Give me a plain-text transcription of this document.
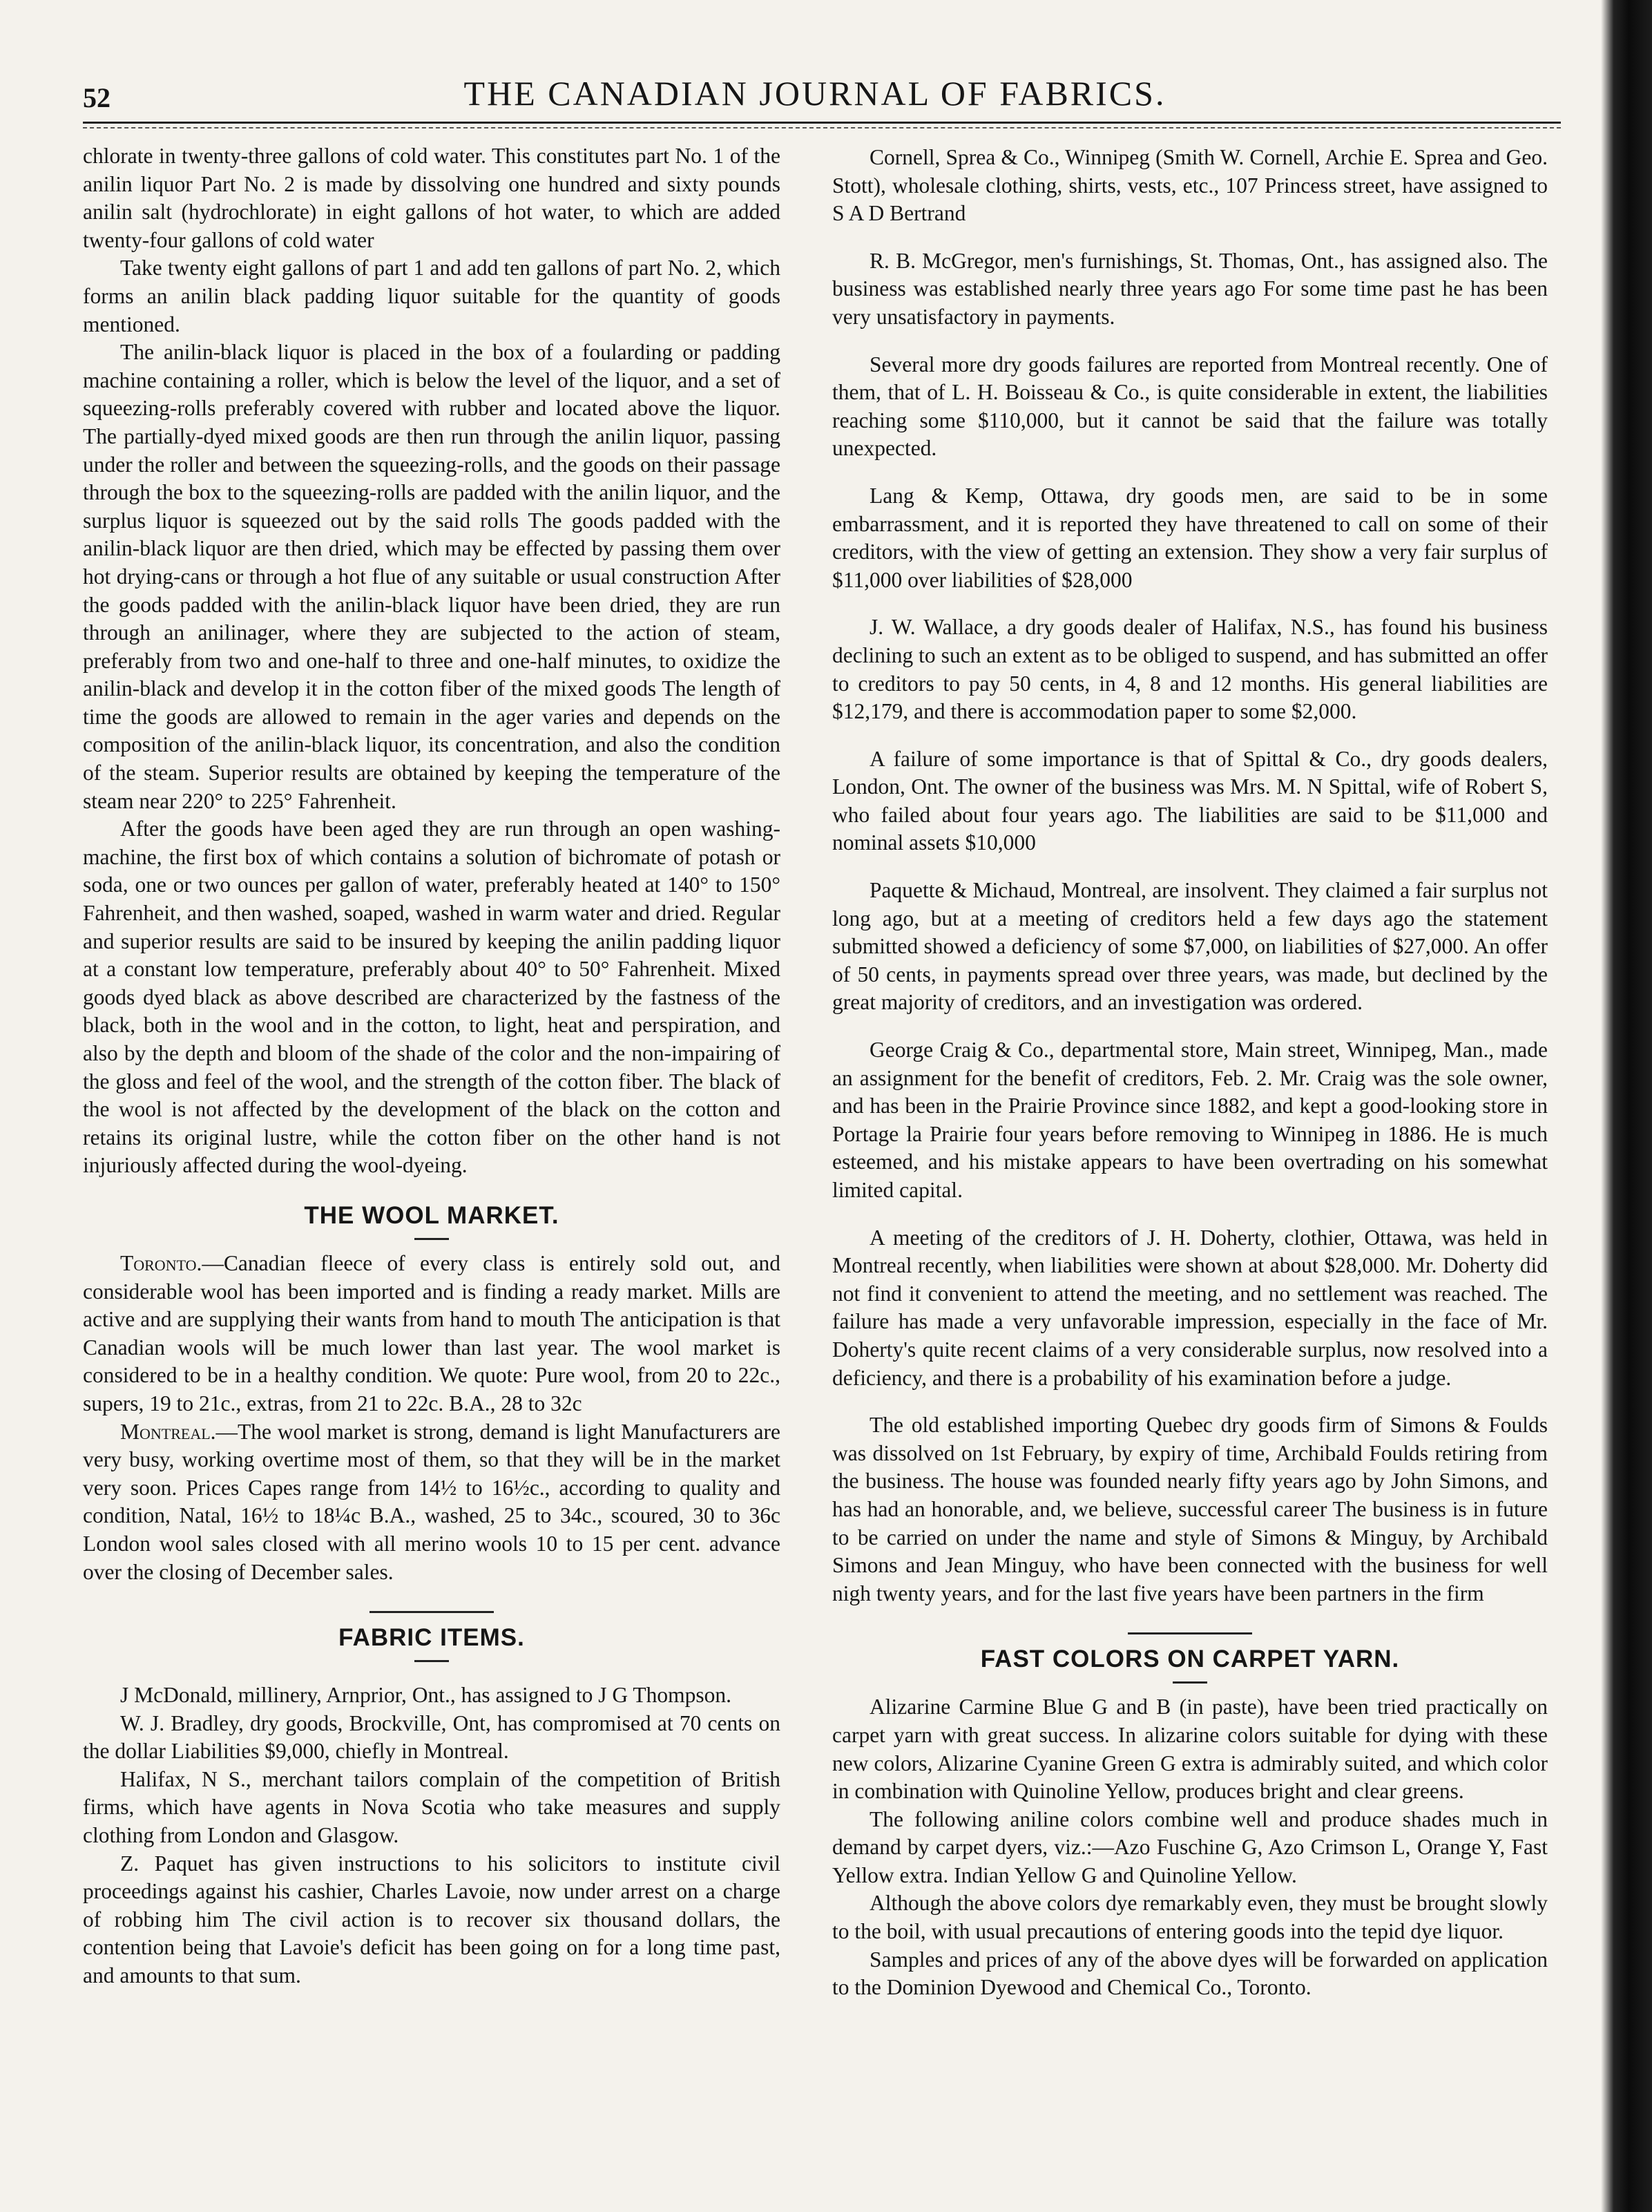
52	THE CANADIAN JOURNAL OF FABRICS.

chlorate in twenty-three gallons of cold water. This constitutes part No. 1 of the anilin liquor Part No. 2 is made by dissolving one hundred and sixty pounds anilin salt (hydrochlorate) in eight gallons of hot water, to which are added twenty-four gallons of cold water

Take twenty eight gallons of part 1 and add ten gallons of part No. 2, which forms an anilin black padding liquor suitable for the quantity of goods mentioned.

The anilin-black liquor is placed in the box of a foularding or padding machine containing a roller, which is below the level of the liquor, and a set of squeezing-rolls preferably covered with rubber and located above the liquor. The partially-dyed mixed goods are then run through the anilin liquor, passing under the roller and between the squeezing-rolls, and the goods on their passage through the box to the squeezing-rolls are padded with the anilin liquor, and the surplus liquor is squeezed out by the said rolls The goods padded with the anilin-black liquor are then dried, which may be effected by passing them over hot drying-cans or through a hot flue of any suitable or usual construction After the goods padded with the anilin-black liquor have been dried, they are run through an anilinager, where they are subjected to the action of steam, preferably from two and one-half to three and one-half minutes, to oxidize the anilin-black and develop it in the cotton fiber of the mixed goods The length of time the goods are allowed to remain in the ager varies and depends on the composition of the anilin-black liquor, its concentration, and also the condition of the steam. Superior results are obtained by keeping the temperature of the steam near 220° to 225° Fahrenheit.

After the goods have been aged they are run through an open washing-machine, the first box of which contains a solution of bichromate of potash or soda, one or two ounces per gallon of water, preferably heated at 140° to 150° Fahrenheit, and then washed, soaped, washed in warm water and dried. Regular and superior results are said to be insured by keeping the anilin padding liquor at a constant low temperature, preferably about 40° to 50° Fahrenheit. Mixed goods dyed black as above described are characterized by the fastness of the black, both in the wool and in the cotton, to light, heat and perspiration, and also by the depth and bloom of the shade of the color and the non-impairing of the gloss and feel of the wool, and the strength of the cotton fiber. The black of the wool is not affected by the development of the black on the cotton and retains its original lustre, while the cotton fiber on the other hand is not injuriously affected during the wool-dyeing.

THE WOOL MARKET.

Toronto.—Canadian fleece of every class is entirely sold out, and considerable wool has been imported and is finding a ready market. Mills are active and are supplying their wants from hand to mouth The anticipation is that Canadian wools will be much lower than last year. The wool market is considered to be in a healthy condition. We quote: Pure wool, from 20 to 22c., supers, 19 to 21c., extras, from 21 to 22c. B.A., 28 to 32c

Montreal.—The wool market is strong, demand is light Manufacturers are very busy, working overtime most of them, so that they will be in the market very soon. Prices Capes range from 14½ to 16½c., according to quality and condition, Natal, 16½ to 18¼c B.A., washed, 25 to 34c., scoured, 30 to 36c London wool sales closed with all merino wools 10 to 15 per cent. advance over the closing of December sales.

FABRIC ITEMS.

J McDonald, millinery, Arnprior, Ont., has assigned to J G Thompson.

W. J. Bradley, dry goods, Brockville, Ont, has compromised at 70 cents on the dollar Liabilities $9,000, chiefly in Montreal.

Halifax, N S., merchant tailors complain of the competition of British firms, which have agents in Nova Scotia who take measures and supply clothing from London and Glasgow.

Z. Paquet has given instructions to his solicitors to institute civil proceedings against his cashier, Charles Lavoie, now under arrest on a charge of robbing him The civil action is to recover six thousand dollars, the contention being that Lavoie's deficit has been going on for a long time past, and amounts to that sum.

Cornell, Sprea & Co., Winnipeg (Smith W. Cornell, Archie E. Sprea and Geo. Stott), wholesale clothing, shirts, vests, etc., 107 Princess street, have assigned to S A D Bertrand

R. B. McGregor, men's furnishings, St. Thomas, Ont., has assigned also. The business was established nearly three years ago For some time past he has been very unsatisfactory in payments.

Several more dry goods failures are reported from Montreal recently. One of them, that of L. H. Boisseau & Co., is quite considerable in extent, the liabilities reaching some $110,000, but it cannot be said that the failure was totally unexpected.

Lang & Kemp, Ottawa, dry goods men, are said to be in some embarrassment, and it is reported they have threatened to call on some of their creditors, with the view of getting an extension. They show a very fair surplus of $11,000 over liabilities of $28,000

J. W. Wallace, a dry goods dealer of Halifax, N.S., has found his business declining to such an extent as to be obliged to suspend, and has submitted an offer to creditors to pay 50 cents, in 4, 8 and 12 months. His general liabilities are $12,179, and there is accommodation paper to some $2,000.

A failure of some importance is that of Spittal & Co., dry goods dealers, London, Ont. The owner of the business was Mrs. M. N Spittal, wife of Robert S, who failed about four years ago. The liabilities are said to be $11,000 and nominal assets $10,000

Paquette & Michaud, Montreal, are insolvent. They claimed a fair surplus not long ago, but at a meeting of creditors held a few days ago the statement submitted showed a deficiency of some $7,000, on liabilities of $27,000. An offer of 50 cents, in payments spread over three years, was made, but declined by the great majority of creditors, and an investigation was ordered.

George Craig & Co., departmental store, Main street, Winnipeg, Man., made an assignment for the benefit of creditors, Feb. 2. Mr. Craig was the sole owner, and has been in the Prairie Province since 1882, and kept a good-looking store in Portage la Prairie four years before removing to Winnipeg in 1886. He is much esteemed, and his mistake appears to have been overtrading on his somewhat limited capital.

A meeting of the creditors of J. H. Doherty, clothier, Ottawa, was held in Montreal recently, when liabilities were shown at about $28,000. Mr. Doherty did not find it convenient to attend the meeting, and no settlement was reached. The failure has made a very unfavorable impression, especially in the face of Mr. Doherty's quite recent claims of a very considerable surplus, now resolved into a deficiency, and there is a probability of his examination before a judge.

The old established importing Quebec dry goods firm of Simons & Foulds was dissolved on 1st February, by expiry of time, Archibald Foulds retiring from the business. The house was founded nearly fifty years ago by John Simons, and has had an honorable, and, we believe, successful career The business is in future to be carried on under the name and style of Simons & Minguy, by Archibald Simons and Jean Minguy, who have been connected with the business for well nigh twenty years, and for the last five years have been partners in the firm

FAST COLORS ON CARPET YARN.

Alizarine Carmine Blue G and B (in paste), have been tried practically on carpet yarn with great success. In alizarine colors suitable for dying with these new colors, Alizarine Cyanine Green G extra is admirably suited, and which color in combination with Quinoline Yellow, produces bright and clear greens.

The following aniline colors combine well and produce shades much in demand by carpet dyers, viz.:—Azo Fuschine G, Azo Crimson L, Orange Y, Fast Yellow extra. Indian Yellow G and Quinoline Yellow.

Although the above colors dye remarkably even, they must be brought slowly to the boil, with usual precautions of entering goods into the tepid dye liquor.

Samples and prices of any of the above dyes will be forwarded on application to the Dominion Dyewood and Chemical Co., Toronto.
